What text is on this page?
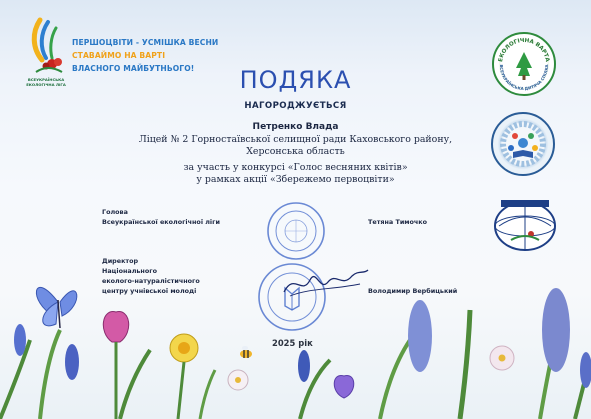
ПЕРШОЦВІТИ - УСМІШКА ВЕСНИ
СТАВАЙМО НА ВАРТІ
ВЛАСНОГО МАЙБУТНЬОГО!
ВСЕУКРАЇНСЬКА ЕКОЛОГІЧНА ЛІГА
ЕКОЛОГІЧНА ВАРТА
ВСЕУКРАЇНСЬКА ДИТЯЧА СПІЛКА
ПОДЯКА
НАГОРОДЖУЄТЬСЯ
Петренко Влада
Ліцей № 2 Горностаївської селищної ради Каховського району,
Херсонська область
за участь у конкурсі «Голос весняних квітів»
у рамках акції «Збережемо первоцвіти»
Голова
Всеукраїнської екологічної ліги	Тетяна Тимочко
Директор
Національного
еколого-натуралістичного
центру учнівської молоді	Володимир Вербицький
2025 рік
